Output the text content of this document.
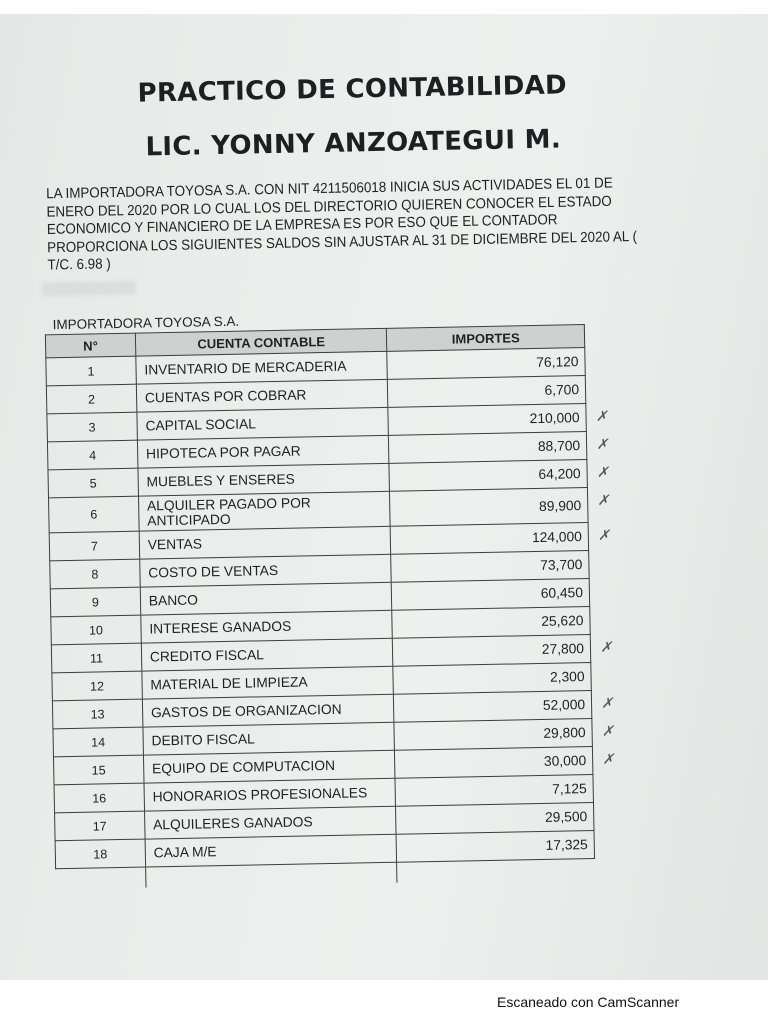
PRACTICO DE CONTABILIDAD
LIC. YONNY ANZOATEGUI M.
LA IMPORTADORA TOYOSA S.A. CON NIT 4211506018 INICIA SUS ACTIVIDADES EL 01 DE ENERO DEL 2020 POR LO CUAL LOS DEL DIRECTORIO QUIEREN CONOCER EL ESTADO ECONOMICO Y FINANCIERO DE LA EMPRESA ES POR ESO QUE EL CONTADOR PROPORCIONA LOS SIGUIENTES SALDOS SIN AJUSTAR AL 31 DE DICIEMBRE DEL 2020 AL ( T/C. 6.98 )
IMPORTADORA TOYOSA S.A.
N°	CUENTA CONTABLE	IMPORTES
1	INVENTARIO DE MERCADERIA	76,120
2	CUENTAS POR COBRAR	6,700
3	CAPITAL SOCIAL	210,000 ✗

4	HIPOTECA POR PAGAR	88,700 ✗

5	MUEBLES Y ENSERES	64,200 ✗

6	ALQUILER PAGADO POR ANTICIPADO	89,900 ✗

7	VENTAS	124,000 ✗

8	COSTO DE VENTAS	73,700
9	BANCO	60,450
10	INTERESE GANADOS	25,620
11	CREDITO FISCAL	27,800 ✗

12	MATERIAL DE LIMPIEZA	2,300
13	GASTOS DE ORGANIZACION	52,000 ✗

14	DEBITO FISCAL	29,800 ✗

15	EQUIPO DE COMPUTACION	30,000 ✗

16	HONORARIOS PROFESIONALES	7,125
17	ALQUILERES GANADOS	29,500
18	CAJA M/E	17,325

Escaneado con CamScanner
